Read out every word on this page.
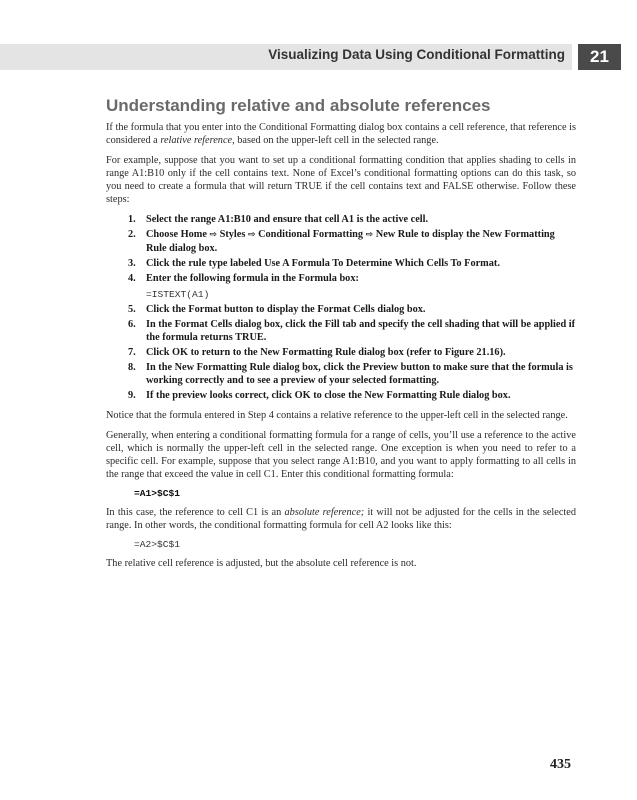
Visualizing Data Using Conditional Formatting	21
Understanding relative and absolute references

If the formula that you enter into the Conditional Formatting dialog box contains a cell reference, that reference is considered a relative reference, based on the upper-left cell in the selected range.

For example, suppose that you want to set up a conditional formatting condition that applies shading to cells in range A1:B10 only if the cell contains text. None of Excel’s conditional formatting options can do this task, so you need to create a formula that will return TRUE if the cell contains text and FALSE otherwise. Follow these steps:

1. Select the range A1:B10 and ensure that cell A1 is the active cell.
2. Choose Home ⇨ Styles ⇨ Conditional Formatting ⇨ New Rule to display the New Formatting Rule dialog box.
3. Click the rule type labeled Use A Formula To Determine Which Cells To Format.
4. Enter the following formula in the Formula box:
=ISTEXT(A1)
5. Click the Format button to display the Format Cells dialog box.
6. In the Format Cells dialog box, click the Fill tab and specify the cell shading that will be applied if the formula returns TRUE.
7. Click OK to return to the New Formatting Rule dialog box (refer to Figure 21.16).
8. In the New Formatting Rule dialog box, click the Preview button to make sure that the formula is working correctly and to see a preview of your selected formatting.
9. If the preview looks correct, click OK to close the New Formatting Rule dialog box.

Notice that the formula entered in Step 4 contains a relative reference to the upper-left cell in the selected range.

Generally, when entering a conditional formatting formula for a range of cells, you’ll use a reference to the active cell, which is normally the upper-left cell in the selected range. One exception is when you need to refer to a specific cell. For example, suppose that you select range A1:B10, and you want to apply formatting to all cells in the range that exceed the value in cell C1. Enter this conditional formatting formula:

=A1>$C$1

In this case, the reference to cell C1 is an absolute reference; it will not be adjusted for the cells in the selected range. In other words, the conditional formatting formula for cell A2 looks like this:

=A2>$C$1

The relative cell reference is adjusted, but the absolute cell reference is not.

435
